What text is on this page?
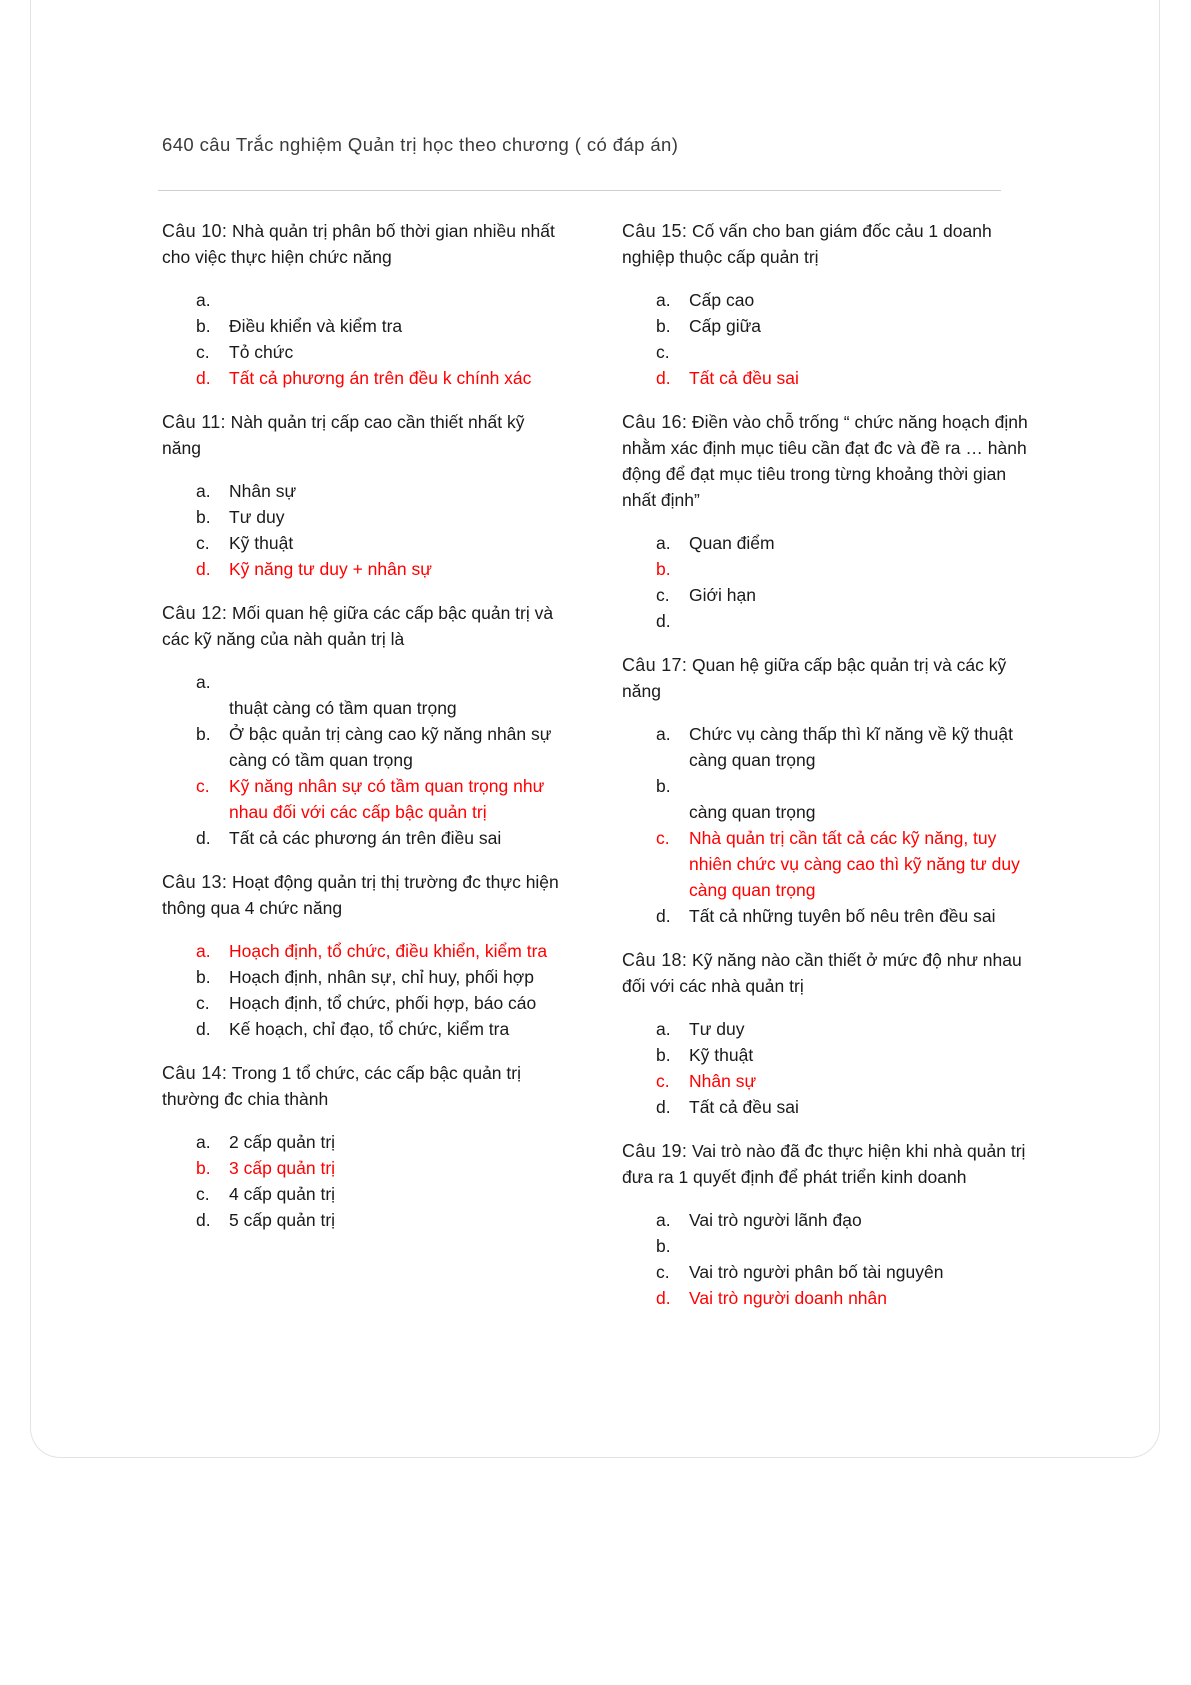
640 câu Trắc nghiệm Quản trị học theo chương ( có đáp án)

Câu 10: Nhà quản trị phân bố thời gian nhiều nhất cho việc thực hiện chức năng

a.
b.	Điều khiển và kiểm tra
c.	Tỏ chức
d.	Tất cả phương án trên đều k chính xác

Câu 11: Nàh quản trị cấp cao cần thiết nhất kỹ năng

a.	Nhân sự
b.	Tư duy
c.	Kỹ thuật
d.	Kỹ năng tư duy + nhân sự

Câu 12: Mối quan hệ giữa các cấp bậc quản trị và các kỹ năng của nàh quản trị là

a.
thuật càng có tầm quan trọng
b.	Ở bậc quản trị càng cao kỹ năng nhân sự càng có tầm quan trọng
c.	Kỹ năng nhân sự có tầm quan trọng như nhau đối với các cấp bậc quản trị
d.	Tất cả các phương án trên điều sai

Câu 13: Hoạt động quản trị thị trường đc thực hiện thông qua 4 chức năng

a.	Hoạch định, tổ chức, điều khiển, kiểm tra
b.	Hoạch định, nhân sự, chỉ huy, phối hợp
c.	Hoạch định, tổ chức, phối hợp, báo cáo
d.	Kế hoạch, chỉ đạo, tổ chức, kiểm tra

Câu 14: Trong 1 tổ chức, các cấp bậc quản trị thường đc chia thành

a.	2 cấp quản trị
b.	3 cấp quản trị
c.	4 cấp quản trị
d.	5 cấp quản trị

Câu 15: Cố vấn cho ban giám đốc cảu 1 doanh nghiệp thuộc cấp quản trị

a.	Cấp cao
b.	Cấp giữa
c.
d.	Tất cả đều sai

Câu 16: Điền vào chỗ trống “ chức năng hoạch định nhằm xác định mục tiêu cần đạt đc và đề ra … hành động để đạt mục tiêu trong từng khoảng thời gian nhất định”

a.	Quan điểm
b.
c.	Giới hạn
d.

Câu 17: Quan hệ giữa cấp bậc quản trị và các kỹ năng

a.	Chức vụ càng thấp thì kĩ năng về kỹ thuật càng quan trọng
b.
càng quan trọng
c.	Nhà quản trị cần tất cả các kỹ năng, tuy nhiên chức vụ càng cao thì kỹ năng tư duy càng quan trọng
d.	Tất cả những tuyên bố nêu trên đều sai

Câu 18: Kỹ năng nào cần thiết ở mức độ như nhau đối với các nhà quản trị

a.	Tư duy
b.	Kỹ thuật
c.	Nhân sự
d.	Tất cả đều sai

Câu 19: Vai trò nào đã đc thực hiện khi nhà quản trị đưa ra 1 quyết định để phát triển kinh doanh

a.	Vai trò người lãnh đạo
b.
c.	Vai trò người phân bố tài nguyên
d.	Vai trò người doanh nhân
